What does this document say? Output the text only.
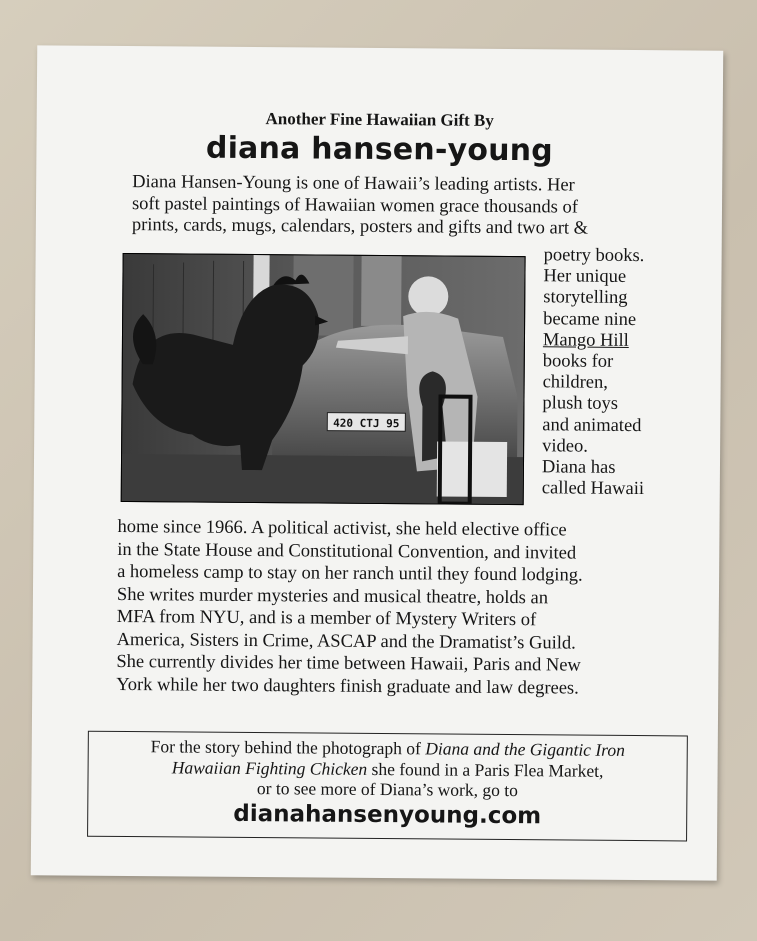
Another Fine Hawaiian Gift By
diana hansen-young
Diana Hansen-Young is one of Hawaii’s leading artists. Her
soft pastel paintings of Hawaiian women grace thousands of
prints, cards, mugs, calendars, posters and gifts and two art &
420 CTJ 95
poetry books.
Her unique
storytelling
became nine
Mango Hill
books for
children,
plush toys
and animated
video.
Diana has
called Hawaii
home since 1966. A political activist, she held elective office
in the State House and Constitutional Convention, and invited
a homeless camp to stay on her ranch until they found lodging.
She writes murder mysteries and musical theatre, holds an
MFA from NYU, and is a member of Mystery Writers of
America, Sisters in Crime, ASCAP and the Dramatist’s Guild.
She currently divides her time between Hawaii, Paris and New
York while her two daughters finish graduate and law degrees.
For the story behind the photograph of Diana and the Gigantic Iron
Hawaiian Fighting Chicken she found in a Paris Flea Market,
or to see more of Diana’s work, go to
dianahansenyoung.com
